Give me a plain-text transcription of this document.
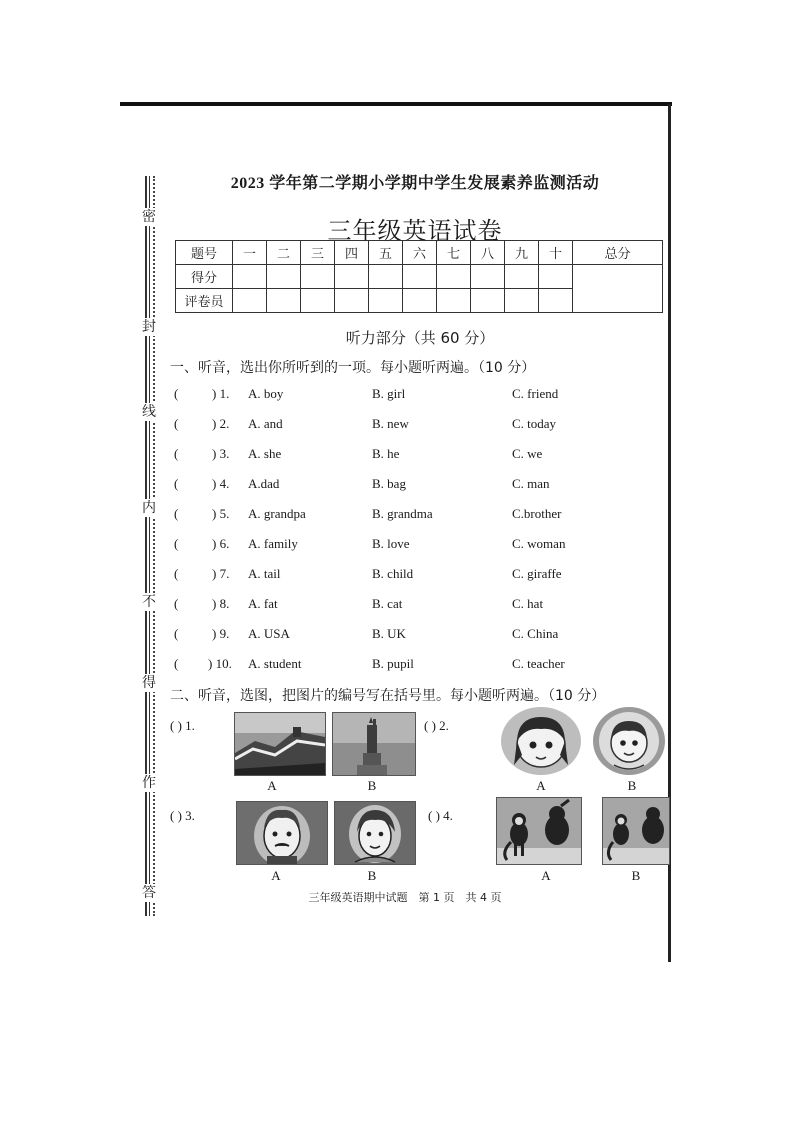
密
封
线
内
不
得
作
答
2023 学年第二学期小学期中学生发展素养监测活动
三年级英语试卷
题号	一	二	三	四	五	六	七	八	九	十	总分
得分											
评卷员											
听力部分（共 60 分）
一、听音，选出你所听到的一项。每小题听两遍。（10 分）
(	) 1. A. boy	B. girl	C. friend
(	) 2. A. and	B. new	C. today
(	) 3. A. she	B. he	C. we
(	) 4. A.dad	B. bag	C. man
(	) 5. A. grandpa	B. grandma	C.brother
(	) 6. A. family	B. love	C. woman
(	) 7. A. tail	B. child	C. giraffe
(	) 8. A. fat	B. cat	C. hat
(	) 9. A. USA	B. UK	C. China
( ) 10. A. student	B. pupil	C. teacher
二、听音，选图，把图片的编号写在括号里。每小题听两遍。（10 分）
( ) 1.
A	B
( ) 2.
A	B
( ) 3.
A	B
( ) 4.
A	B
三年级英语期中试题　第 1 页　共 4 页
